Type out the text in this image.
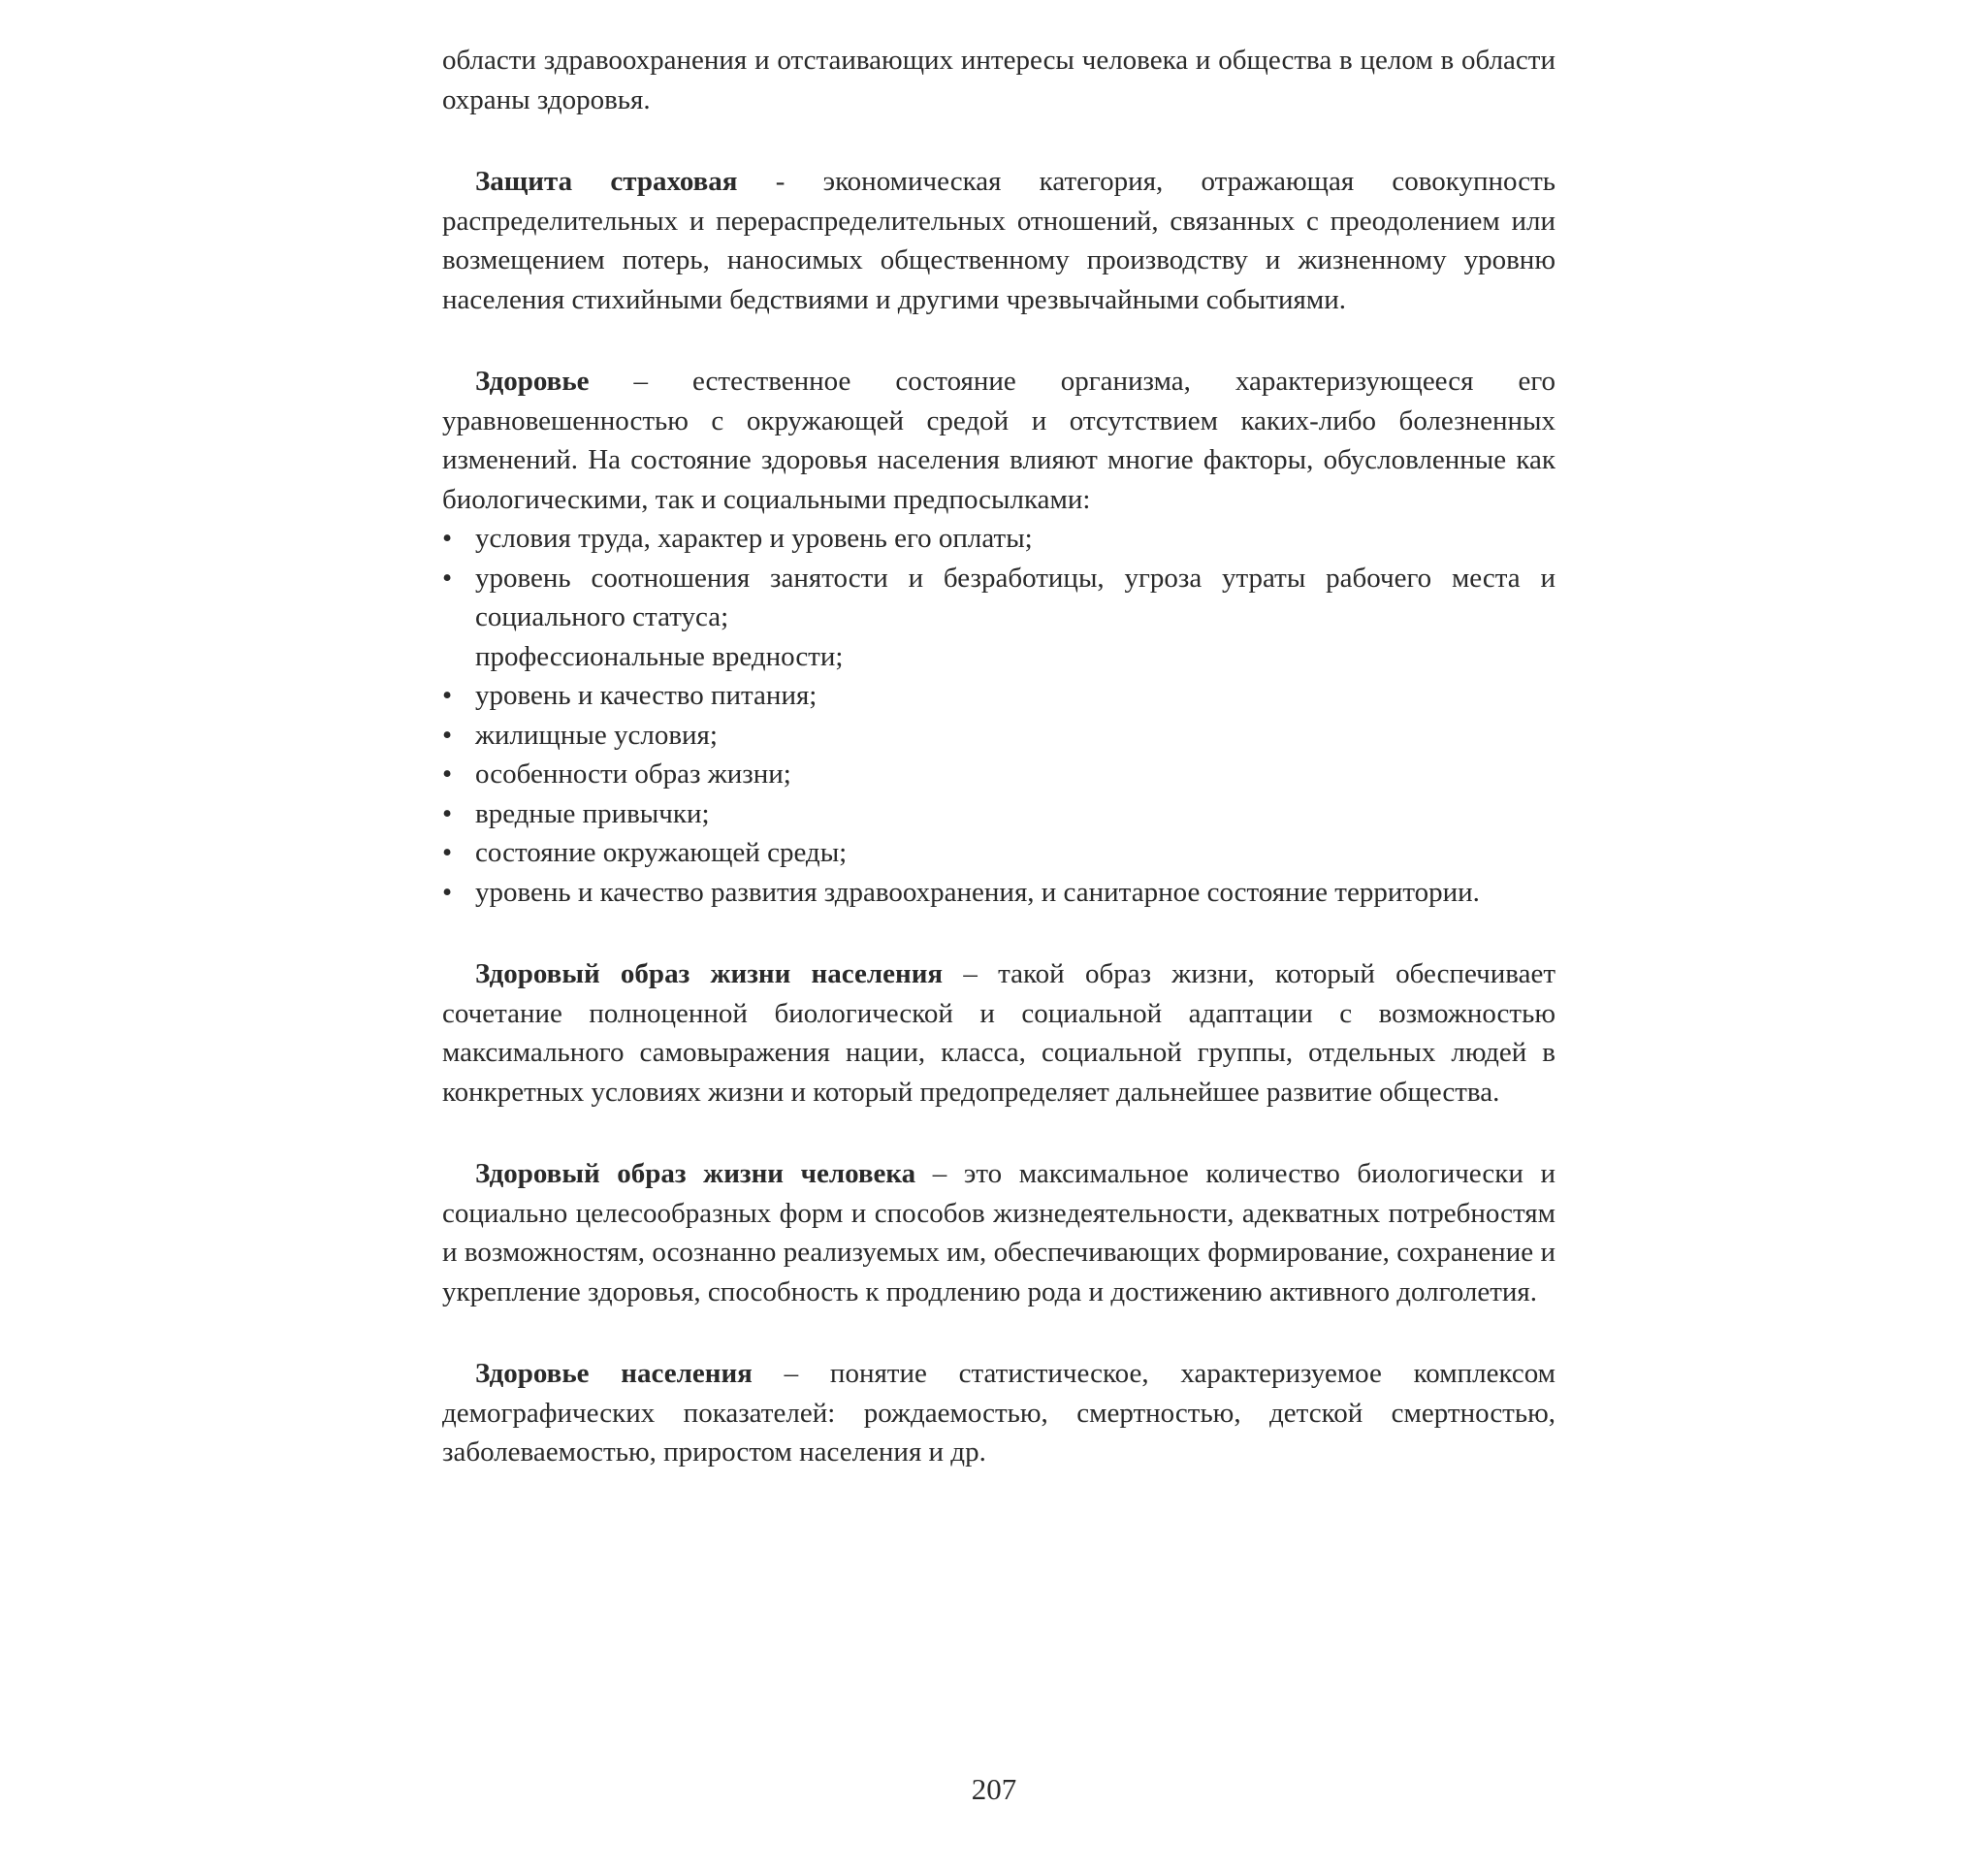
области здравоохранения и отстаивающих интересы человека и общества в целом в области охраны здоровья.

Защита страховая - экономическая категория, отражающая совокупность распределительных и перераспределительных отношений, связанных с преодолением или возмещением потерь, наносимых общественному производству и жизненному уровню населения стихийными бедствиями и другими чрезвычайными событиями.

Здоровье – естественное состояние организма, характеризующееся его уравновешенностью с окружающей средой и отсутствием каких-либо болезненных изменений. На состояние здоровья населения влияют многие факторы, обусловленные как биологическими, так и социальными предпосылками:

• условия труда, характер и уровень его оплаты;
• уровень соотношения занятости и безработицы, угроза утраты рабочего места и социального статуса;
профессиональные вредности;
• уровень и качество питания;
• жилищные условия;
• особенности образ жизни;
• вредные привычки;
• состояние окружающей среды;
• уровень и качество развития здравоохранения, и санитарное состояние территории.

Здоровый образ жизни населения – такой образ жизни, который обеспечивает сочетание полноценной биологической и социальной адаптации с возможностью максимального самовыражения нации, класса, социальной группы, отдельных людей в конкретных условиях жизни и который предопределяет дальнейшее развитие общества.

Здоровый образ жизни человека – это максимальное количество биологически и социально целесообразных форм и способов жизнедеятельности, адекватных потребностям и возможностям, осознанно реализуемых им, обеспечивающих формирование, сохранение и укрепление здоровья, способность к продлению рода и достижению активного долголетия.

Здоровье населения – понятие статистическое, характеризуемое комплексом демографических показателей: рождаемостью, смертностью, детской смертностью, заболеваемостью, приростом населения и др.

207
